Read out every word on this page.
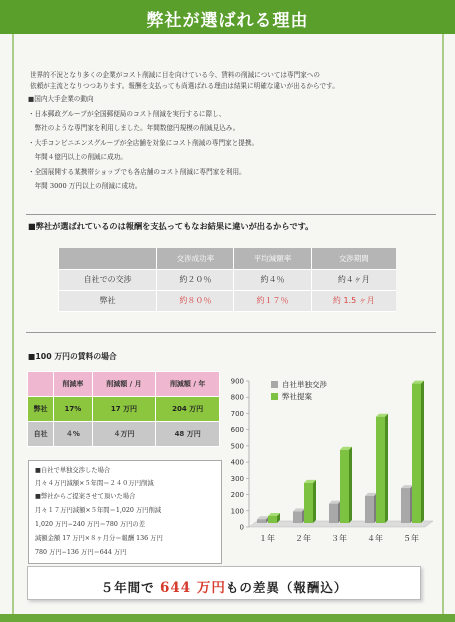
弊社が選ばれる理由
世界的不況となり多くの企業がコスト削減に目を向けている今、賃料の削減については専門家への
依頼が主流となりつつあります。報酬を支払っても尚選ばれる理由は結果に明確な違いが出るからです。
■国内大手企業の動向
・日本郵政グループが全国郵便局のコスト削減を実行するに際し、
　弊社のような専門家を利用しました。年間数億円規模の削減見込み。
・大手コンビニエンスグループが全店舗を対象にコスト削減の専門家と提携。
　年間４億円以上の削減に成功。
・全国展開する某携帯ショップでも各店舗のコスト削減に専門家を利用。
　年間 3000 万円以上の削減に成功。
■弊社が選ばれているのは報酬を支払ってもなお結果に違いが出るからです。
	交渉成功率	平均減額率	交渉期間
自社での交渉	約２０％	約４％	約４ヶ月
弊社	約８０％	約１７％	約 1.5 ヶ月
■100 万円の賃料の場合
	削減率	削減額 / 月	削減額 / 年
弊社	17%	17 万円	204 万円
自社	４%	４万円	48 万円
■自社で単独交渉した場合
月々４万円減額×５年間＝２４０万円削減
■弊社からご提案させて頂いた場合
月々１７万円減額×５年間＝1,020 万円削減
1,020 万円−240 万円＝780 万円の差
減額金額 17 万円×８ヶ月分＝報酬 136 万円
780 万円−136 万円＝644 万円
0
100
200
300
400
500
600
700
800
900
１年	２年	３年	４年	５年
自社単独交渉
弊社提案
５年間で 644 万円もの差異（報酬込）
